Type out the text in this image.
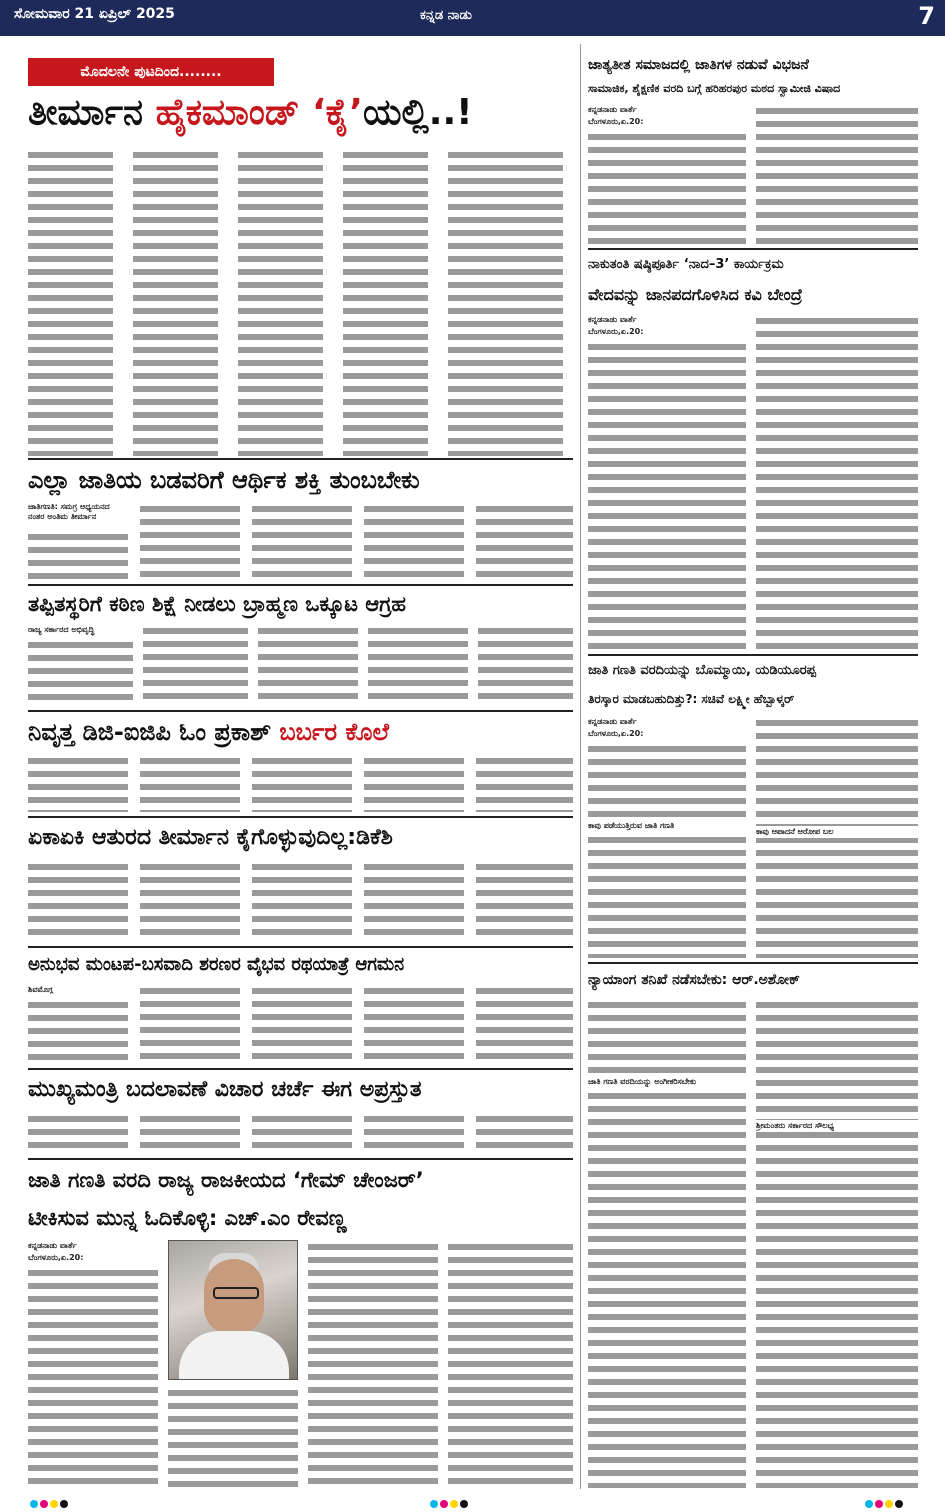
ಸೋಮವಾರ 21 ಏಪ್ರಿಲ್ 2025	ಕನ್ನಡ ನಾಡು	7
ಮೊದಲನೇ ಪುಟದಿಂದ........
ತೀರ್ಮಾನ ಹೈಕಮಾಂಡ್ ‘ಕೈ’ಯಲ್ಲಿ..!
ಎಲ್ಲಾ ಜಾತಿಯ ಬಡವರಿಗೆ ಆರ್ಥಿಕ ಶಕ್ತಿ ತುಂಬಬೇಕು
ಜಾತಿಗಣತಿ: ಸಮಗ್ರ ಅಧ್ಯಯನದ ನಂತರ ಅಂತಿಮ ತೀರ್ಮಾನ
ತಪ್ಪಿತಸ್ಥರಿಗೆ ಕಠಿಣ ಶಿಕ್ಷೆ ನೀಡಲು ಬ್ರಾಹ್ಮಣ ಒಕ್ಕೂಟ ಆಗ್ರಹ
ರಾಜ್ಯ ಸರ್ಕಾರದ ಅಭಿವೃದ್ಧಿ
ನಿವೃತ್ತ ಡಿಜಿ-ಐಜಿಪಿ ಓಂ ಪ್ರಕಾಶ್ ಬರ್ಬರ ಕೊಲೆ
ಏಕಾಏಕಿ ಆತುರದ ತೀರ್ಮಾನ ಕೈಗೊಳ್ಳುವುದಿಲ್ಲ:ಡಿಕೆಶಿ
ಅನುಭವ ಮಂಟಪ-ಬಸವಾದಿ ಶರಣರ ವೈಭವ ರಥಯಾತ್ರೆ ಆಗಮನ
ಶಿವಮೊಗ್ಗ
ಮುಖ್ಯಮಂತ್ರಿ ಬದಲಾವಣೆ ವಿಚಾರ ಚರ್ಚೆ ಈಗ ಅಪ್ರಸ್ತುತ
ಜಾತಿ ಗಣತಿ ವರದಿ ರಾಜ್ಯ ರಾಜಕೀಯದ ‘ಗೇಮ್ ಚೇಂಜರ್’
ಟೀಕಿಸುವ ಮುನ್ನ ಓದಿಕೊಳ್ಳಿ: ಎಚ್.ಎಂ ರೇವಣ್ಣ
ಕನ್ನಡನಾಡು ವಾರ್ತೆ
ಬೆಂಗಳೂರು,ಏ.20:
ಜಾತ್ಯತೀತ ಸಮಾಜದಲ್ಲಿ ಜಾತಿಗಳ ನಡುವೆ ವಿಭಜನೆ
ಸಾಮಾಜಿಕ, ಶೈಕ್ಷಣಿಕ ವರದಿ ಬಗ್ಗೆ ಹರಿಹರಪುರ ಮಠದ ಸ್ವಾಮೀಜಿ ವಿಷಾದ
ಕನ್ನಡನಾಡು ವಾರ್ತೆ
ಬೆಂಗಳೂರು,ಏ.20:
ನಾಕುತಂತಿ ಷಷ್ಠಿಪೂರ್ತಿ ‘ನಾದ–3’ ಕಾರ್ಯಕ್ರಮ
ವೇದವನ್ನು ಜಾನಪದಗೊಳಿಸಿದ ಕವಿ ಬೇಂದ್ರೆ
ಕನ್ನಡನಾಡು ವಾರ್ತೆ
ಬೆಂಗಳೂರು,ಏ.20:
ಜಾತಿ ಗಣತಿ ವರದಿಯನ್ನು ಬೊಮ್ಮಾಯಿ, ಯಡಿಯೂರಪ್ಪ
ತಿರಸ್ಕಾರ ಮಾಡಬಹುದಿತ್ತು?: ಸಚಿವೆ ಲಕ್ಷ್ಮೀ ಹೆಬ್ಬಾಳ್ಕರ್
ಕನ್ನಡನಾಡು ವಾರ್ತೆ
ಬೆಂಗಳೂರು,ಏ.20:
ಕಾವು ಪಡೆಯುತ್ತಿರುವ ಜಾತಿ ಗಣತಿ
ಕಾವು ಆಪಾದನೆ ಆರೋಪ ಬಲ
ನ್ಯಾಯಾಂಗ ತನಿಖೆ ನಡೆಸಬೇಕು: ಆರ್.ಅಶೋಕ್
ಜಾತಿ ಗಣತಿ ವರದಿಯನ್ನು ಅಂಗೀಕರಿಸಬೇಕು
ಶ್ರೀಮಂತರು ಸರ್ಕಾರದ ಸೌಲಭ್ಯ
